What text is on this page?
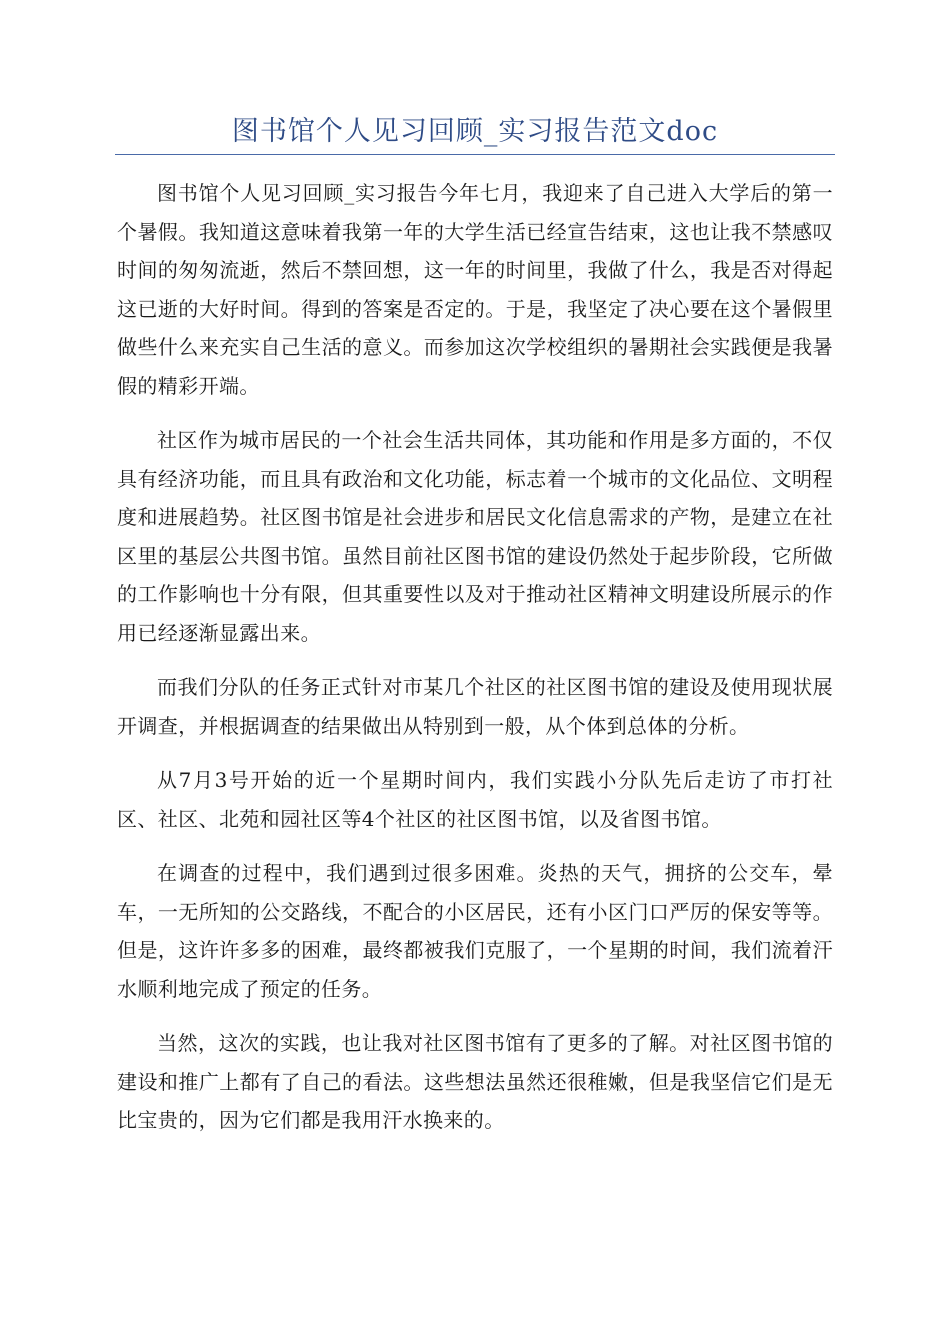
图书馆个人见习回顾_实习报告范文doc

图书馆个人见习回顾_实习报告今年七月，我迎来了自己进入大学后的第一个暑假。我知道这意味着我第一年的大学生活已经宣告结束，这也让我不禁感叹时间的匆匆流逝，然后不禁回想，这一年的时间里，我做了什么，我是否对得起这已逝的大好时间。得到的答案是否定的。于是，我坚定了决心要在这个暑假里做些什么来充实自己生活的意义。而参加这次学校组织的暑期社会实践便是我暑假的精彩开端。

社区作为城市居民的一个社会生活共同体，其功能和作用是多方面的，不仅具有经济功能，而且具有政治和文化功能，标志着一个城市的文化品位、文明程度和进展趋势。社区图书馆是社会进步和居民文化信息需求的产物，是建立在社区里的基层公共图书馆。虽然目前社区图书馆的建设仍然处于起步阶段，它所做的工作影响也十分有限，但其重要性以及对于推动社区精神文明建设所展示的作用已经逐渐显露出来。

而我们分队的任务正式针对市某几个社区的社区图书馆的建设及使用现状展开调查，并根据调查的结果做出从特别到一般，从个体到总体的分析。

从7月3号开始的近一个星期时间内，我们实践小分队先后走访了市打社区、社区、北苑和园社区等4个社区的社区图书馆，以及省图书馆。

在调查的过程中，我们遇到过很多困难。炎热的天气，拥挤的公交车，晕车，一无所知的公交路线，不配合的小区居民，还有小区门口严厉的保安等等。但是，这许许多多的困难，最终都被我们克服了，一个星期的时间，我们流着汗水顺利地完成了预定的任务。

当然，这次的实践，也让我对社区图书馆有了更多的了解。对社区图书馆的建设和推广上都有了自己的看法。这些想法虽然还很稚嫩，但是我坚信它们是无比宝贵的，因为它们都是我用汗水换来的。
